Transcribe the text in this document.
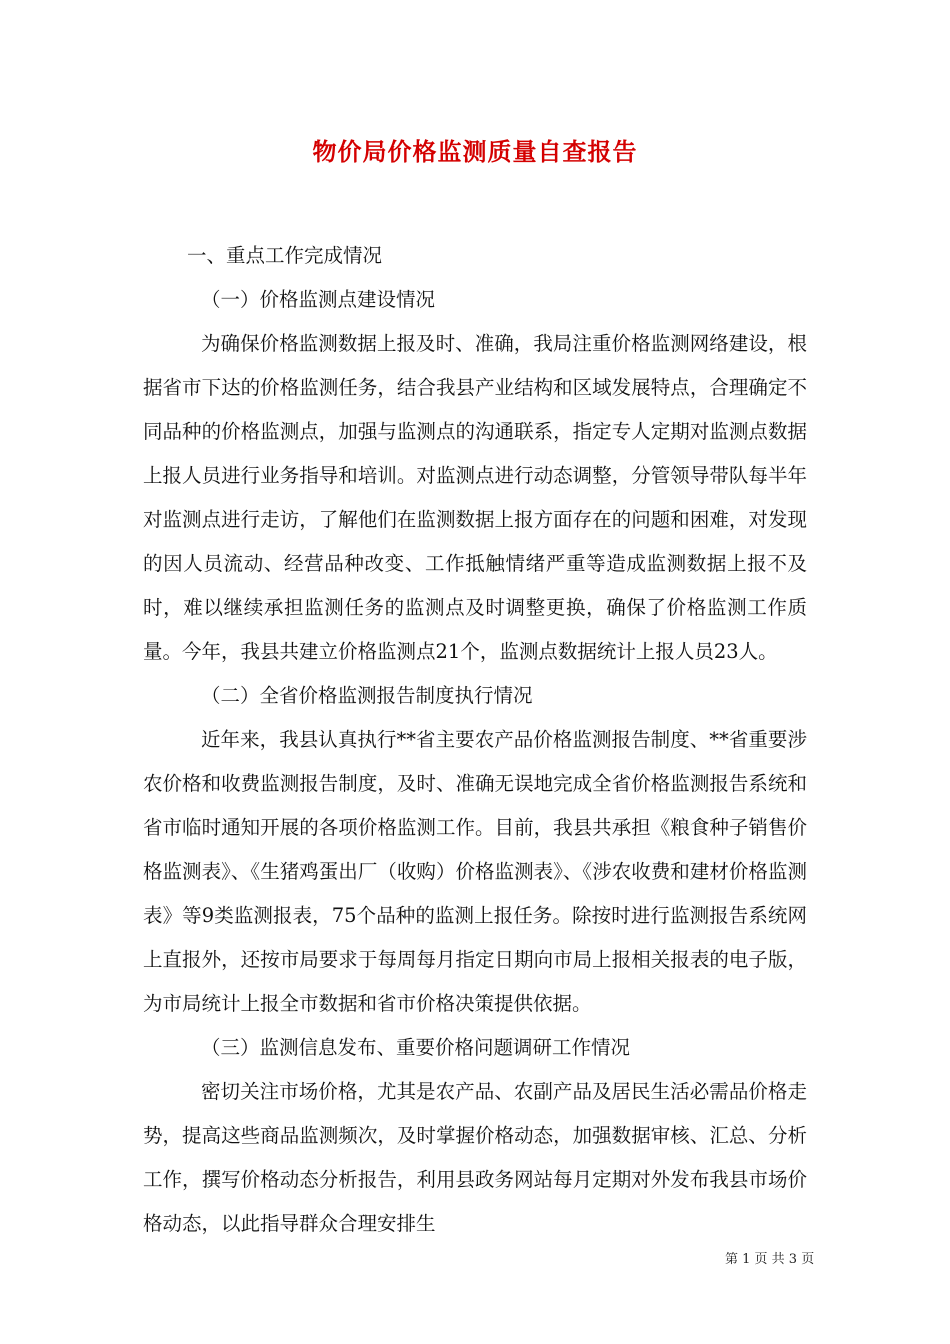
物价局价格监测质量自查报告

一、重点工作完成情况

（一）价格监测点建设情况

为确保价格监测数据上报及时、准确，我局注重价格监测网络建设，根据省市下达的价格监测任务，结合我县产业结构和区域发展特点，合理确定不同品种的价格监测点，加强与监测点的沟通联系，指定专人定期对监测点数据上报人员进行业务指导和培训。对监测点进行动态调整，分管领导带队每半年对监测点进行走访，了解他们在监测数据上报方面存在的问题和困难，对发现的因人员流动、经营品种改变、工作抵触情绪严重等造成监测数据上报不及时，难以继续承担监测任务的监测点及时调整更换，确保了价格监测工作质量。今年，我县共建立价格监测点21个，监测点数据统计上报人员23人。

（二）全省价格监测报告制度执行情况

近年来，我县认真执行**省主要农产品价格监测报告制度、**省重要涉农价格和收费监测报告制度，及时、准确无误地完成全省价格监测报告系统和省市临时通知开展的各项价格监测工作。目前，我县共承担《粮食种子销售价格监测表》、《生猪鸡蛋出厂（收购）价格监测表》、《涉农收费和建材价格监测表》等9类监测报表，75个品种的监测上报任务。除按时进行监测报告系统网上直报外，还按市局要求于每周每月指定日期向市局上报相关报表的电子版，为市局统计上报全市数据和省市价格决策提供依据。

（三）监测信息发布、重要价格问题调研工作情况

密切关注市场价格，尤其是农产品、农副产品及居民生活必需品价格走势，提高这些商品监测频次，及时掌握价格动态，加强数据审核、汇总、分析工作，撰写价格动态分析报告，利用县政务网站每月定期对外发布我县市场价格动态，以此指导群众合理安排生

第 1 页 共 3 页
